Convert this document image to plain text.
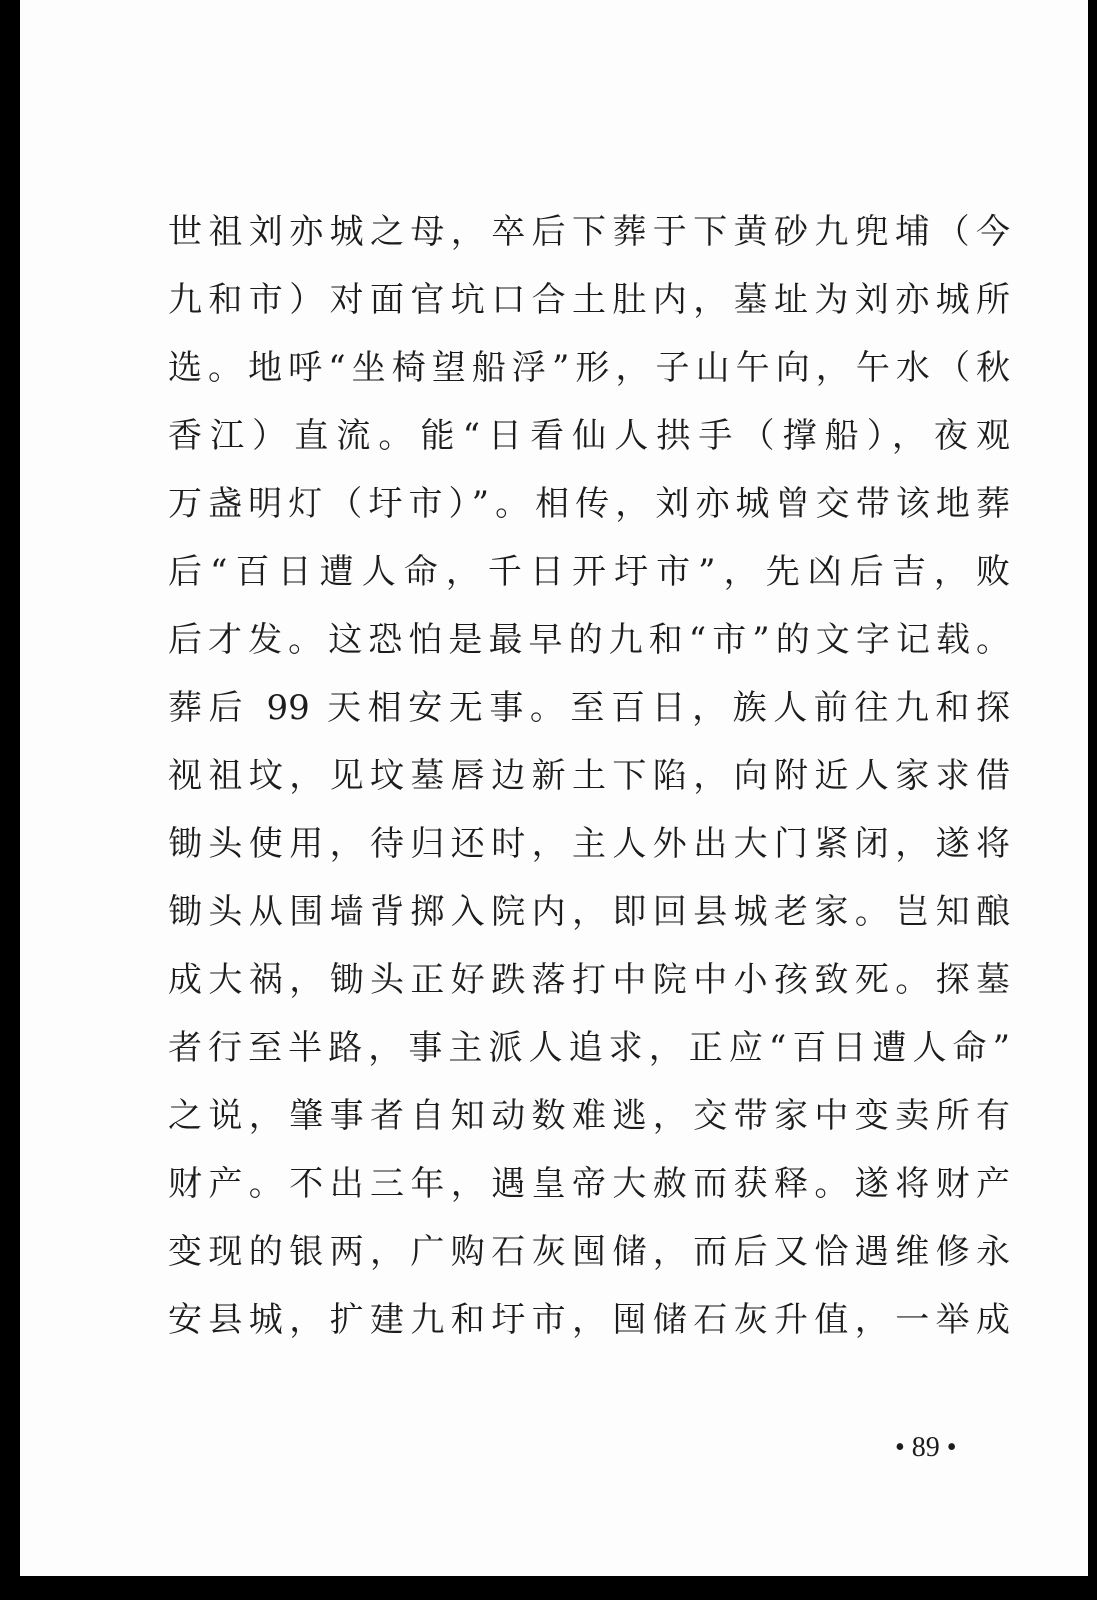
世祖刘亦城之母，卒后下葬于下黄砂九兜埔（今
九和市）对面官坑口合土肚内，墓址为刘亦城所
选。地呼“坐椅望船浮”形，子山午向，午水（秋
香江）直流。能“日看仙人拱手（撑船），夜观
万盏明灯（圩市）”。相传，刘亦城曾交带该地葬
后“百日遭人命，千日开圩市”，先凶后吉，败
后才发。这恐怕是最早的九和“市”的文字记载。
葬后 99 天相安无事。至百日，族人前往九和探
视祖坟，见坟墓唇边新土下陷，向附近人家求借
锄头使用，待归还时，主人外出大门紧闭，遂将
锄头从围墙背掷入院内，即回县城老家。岂知酿
成大祸，锄头正好跌落打中院中小孩致死。探墓
者行至半路，事主派人追求，正应“百日遭人命”
之说，肇事者自知动数难逃，交带家中变卖所有
财产。不出三年，遇皇帝大赦而获释。遂将财产
变现的银两，广购石灰囤储，而后又恰遇维修永
安县城，扩建九和圩市，囤储石灰升值，一举成
• 89 •
